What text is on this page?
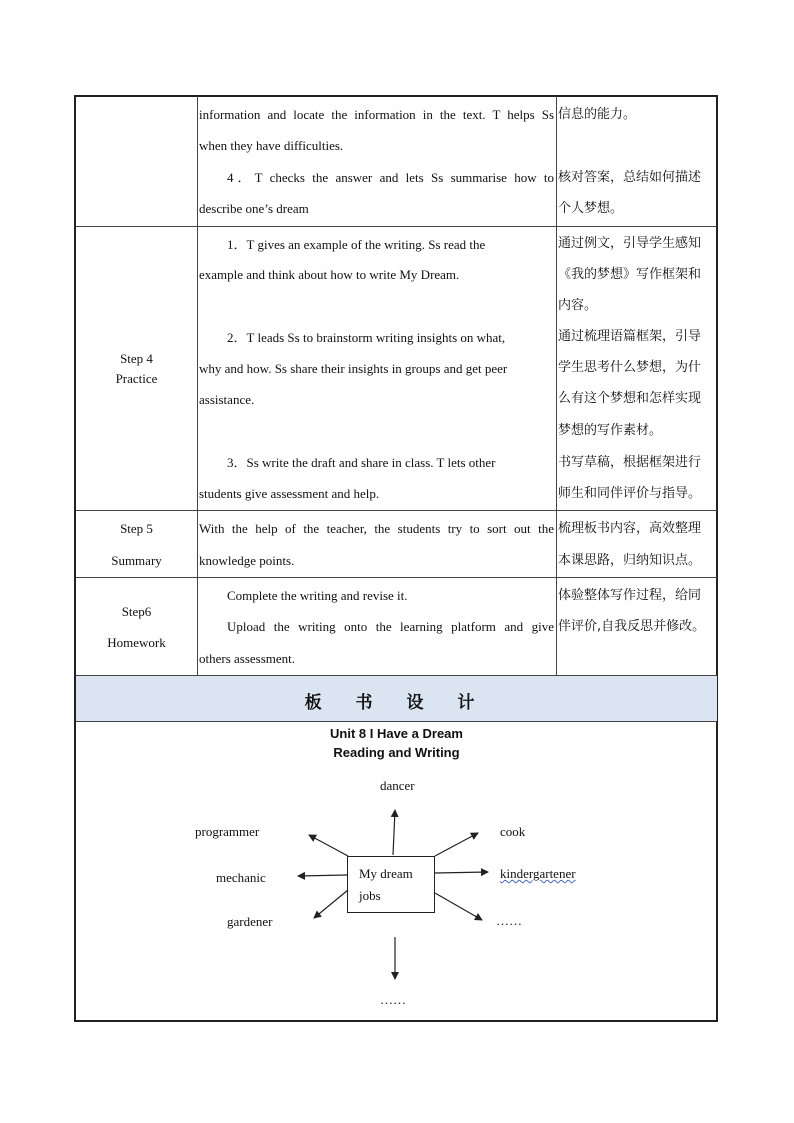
information and locate the information in the text. T helps Ss
when they have difficulties.
4．T checks the answer and lets Ss summarise how to
describe one’s dream
信息的能力。
核对答案，总结如何描述
个人梦想。
Step 4
Practice
1．T gives an example of the writing. Ss read the
example and think about how to write My Dream.
2．T leads Ss to brainstorm writing insights on what,
why and how. Ss share their insights in groups and get peer
assistance.
3．Ss write the draft and share in class. T lets other
students give assessment and help.
通过例文，引导学生感知
《我的梦想》写作框架和
内容。
通过梳理语篇框架，引导
学生思考什么梦想，为什
么有这个梦想和怎样实现
梦想的写作素材。
书写草稿，根据框架进行
师生和同伴评价与指导。
Step 5
Summary
With the help of the teacher, the students try to sort out the
knowledge points.
梳理板书内容，高效整理
本课思路，归纳知识点。
Step6
Homework
Complete the writing and revise it.
Upload the writing onto the learning platform and give
others assessment.
体验整体写作过程，给同
伴评价,自我反思并修改。
板 书 设 计
Unit 8 I Have a Dream
Reading and Writing
dancer
programmer
mechanic
gardener
cook
kindergartener
……
……
My dream
jobs
